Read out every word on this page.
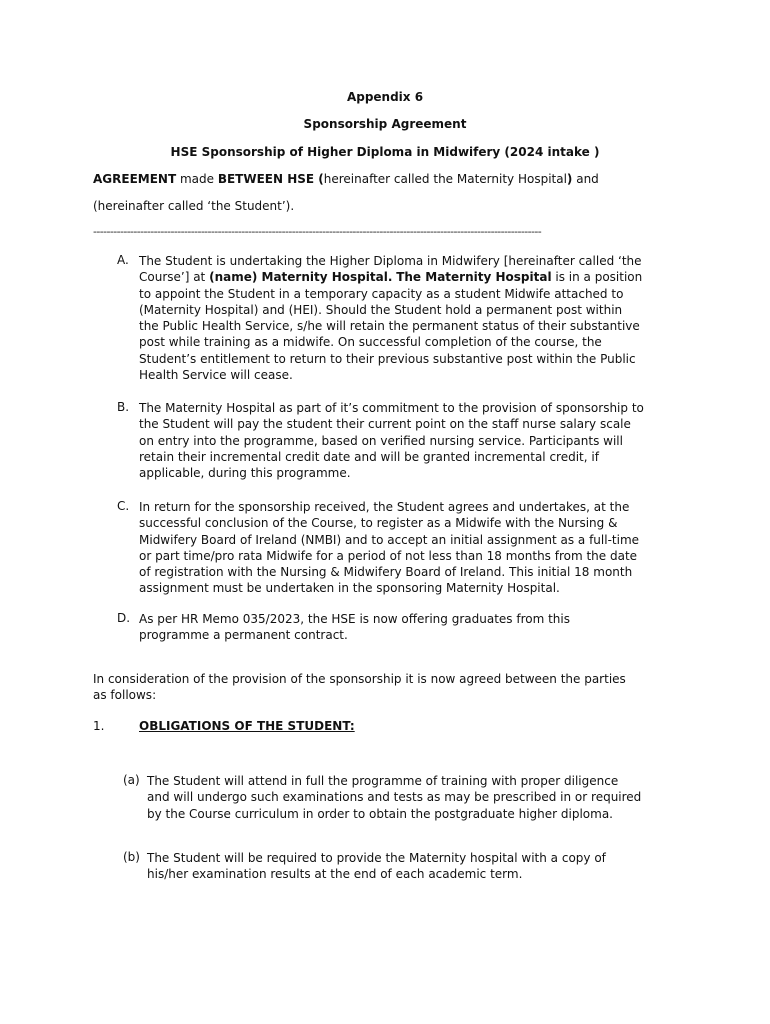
Appendix 6
Sponsorship Agreement
HSE Sponsorship of Higher Diploma in Midwifery (2024 intake )
AGREEMENT made BETWEEN HSE (hereinafter called the Maternity Hospital) and
(hereinafter called ‘the Student’).
-------------------------------------------------------------------------------------------------------------------------------------
A. The Student is undertaking the Higher Diploma in Midwifery [hereinafter called ‘the Course’] at (name) Maternity Hospital. The Maternity Hospital is in a position to appoint the Student in a temporary capacity as a student Midwife attached to (Maternity Hospital) and (HEI). Should the Student hold a permanent post within the Public Health Service, s/he will retain the permanent status of their substantive post while training as a midwife. On successful completion of the course, the Student’s entitlement to return to their previous substantive post within the Public Health Service will cease.
B. The Maternity Hospital as part of it’s commitment to the provision of sponsorship to the Student will pay the student their current point on the staff nurse salary scale on entry into the programme, based on verified nursing service. Participants will retain their incremental credit date and will be granted incremental credit, if applicable, during this programme.
C. In return for the sponsorship received, the Student agrees and undertakes, at the successful conclusion of the Course, to register as a Midwife with the Nursing & Midwifery Board of Ireland (NMBI) and to accept an initial assignment as a full-time or part time/pro rata Midwife for a period of not less than 18 months from the date of registration with the Nursing & Midwifery Board of Ireland. This initial 18 month assignment must be undertaken in the sponsoring Maternity Hospital.
D. As per HR Memo 035/2023, the HSE is now offering graduates from this programme a permanent contract.
In consideration of the provision of the sponsorship it is now agreed between the parties as follows:
1.	OBLIGATIONS OF THE STUDENT:
(a) The Student will attend in full the programme of training with proper diligence and will undergo such examinations and tests as may be prescribed in or required by the Course curriculum in order to obtain the postgraduate higher diploma.
(b) The Student will be required to provide the Maternity hospital with a copy of his/her examination results at the end of each academic term.
